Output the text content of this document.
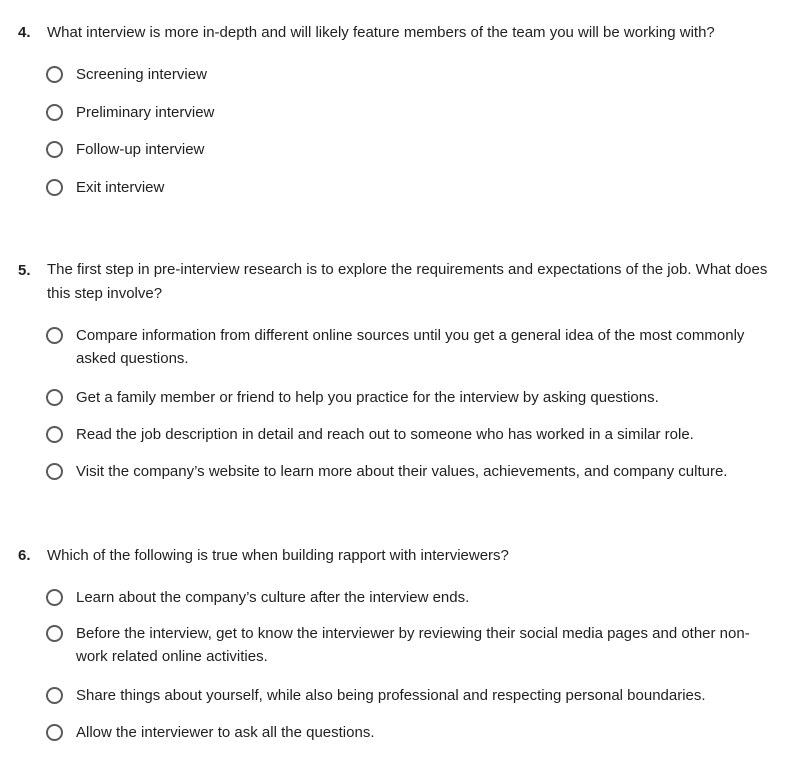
4. What interview is more in-depth and will likely feature members of the team you will be working with?
Screening interview
Preliminary interview
Follow-up interview
Exit interview
5. The first step in pre-interview research is to explore the requirements and expectations of the job. What does this step involve?
Compare information from different online sources until you get a general idea of the most commonly asked questions.
Get a family member or friend to help you practice for the interview by asking questions.
Read the job description in detail and reach out to someone who has worked in a similar role.
Visit the company’s website to learn more about their values, achievements, and company culture.
6. Which of the following is true when building rapport with interviewers?
Learn about the company’s culture after the interview ends.
Before the interview, get to know the interviewer by reviewing their social media pages and other non-work related online activities.
Share things about yourself, while also being professional and respecting personal boundaries.
Allow the interviewer to ask all the questions.
